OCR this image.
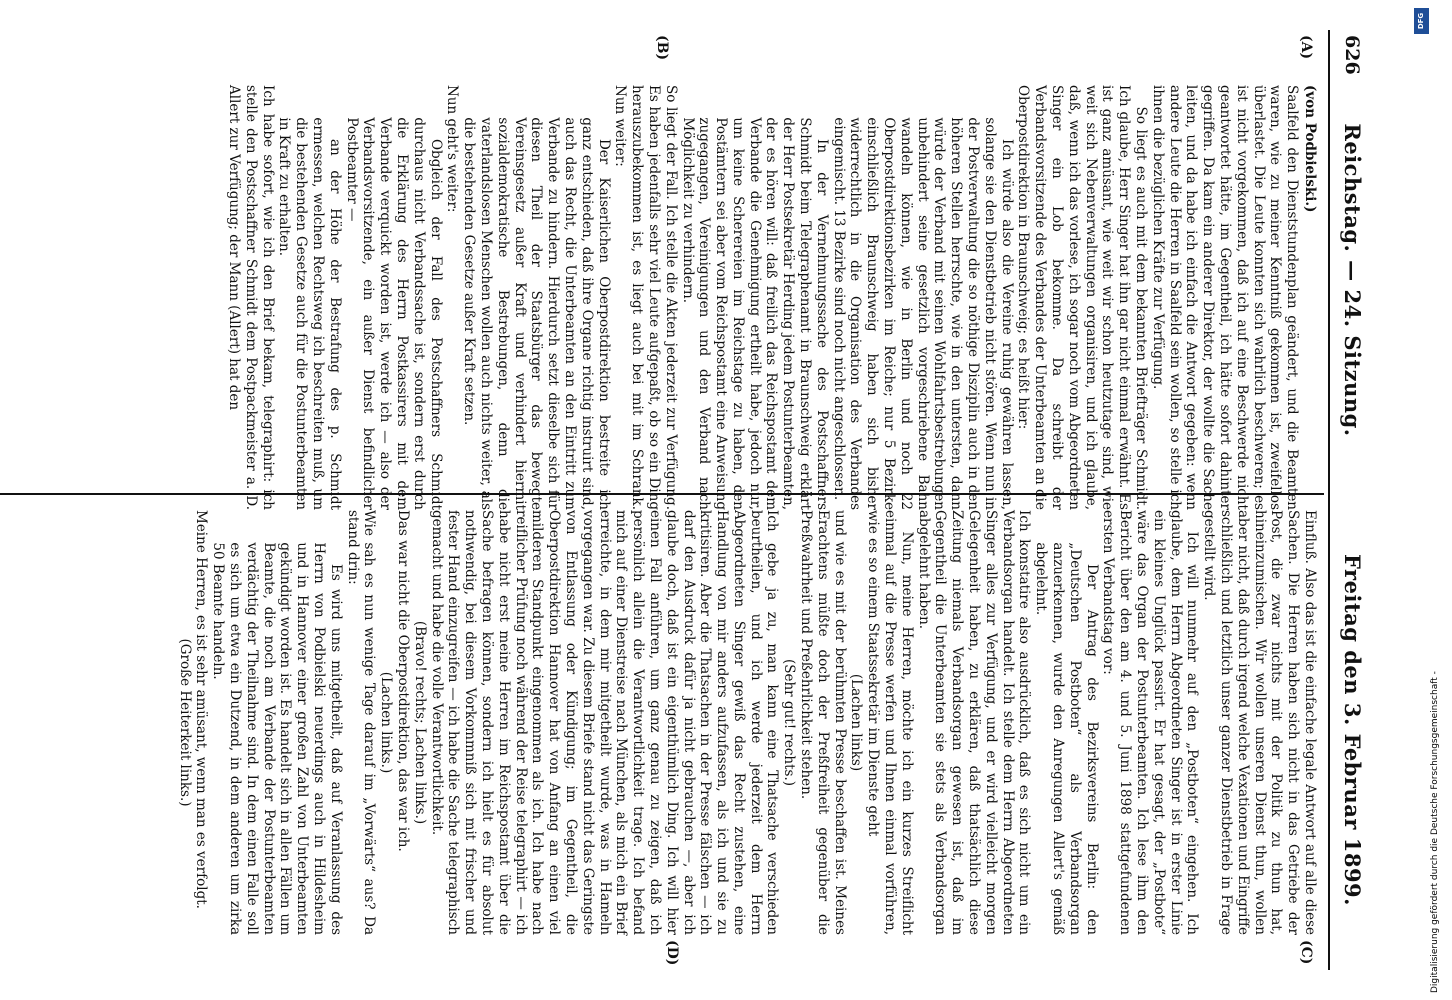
626
Reichstag. — 24. Sitzung.
Freitag den 3. Februar 1899.
(A)
(B)
(C)
(D)

(von Podbielski.)

Saalfeld den Dienststundenplan geändert, und die Beamten waren, wie zu meiner Kenntniß gekommen ist, zweifellos überlastet. Die Leute konnten sich wahrlich beschweren; es ist nicht vorgekommen, daß ich auf eine Beschwerde nicht geantwortet hätte, im Gegentheil, ich hätte sofort dahinter gegriffen. Da kam ein anderer Direktor, der wollte die Sache leiten, und da habe ich einfach die Antwort gegeben: wenn andere Leute die Herren in Saalfeld sein wollen, so stelle ich ihnen die bezüglichen Kräfte zur Verfügung.

So liegt es auch mit dem bekannten Briefträger Schmidt. Ich glaube, Herr Singer hat ihn gar nicht einmal erwähnt. Es ist ganz amüsant, wie weit wir schon heutzutage sind, wie weit sich Nebenverwaltungen organisiren, und ich glaube, daß, wenn ich das vorlese, ich sogar noch vom Abgeordneten Singer ein Lob bekomme. Da schreibt der Verbandsvorsitzende des Verbandes der Unterbeamten an die Oberpostdirektion in Braunschweig; es heißt hier:

Ich würde also die Vereine ruhig gewähren lassen, solange sie den Dienstbetrieb nicht stören. Wenn nun in der Postverwaltung die so nöthige Disziplin auch in den höheren Stellen herrschte, wie in den untersten, dann würde der Verband mit seinen Wohlfahrtsbestrebungen unbehindert seine gesetzlich vorgeschriebene Bahn wandeln können, wie in Berlin und noch 22 Oberpostdirektionsbezirken im Reiche; nur 5 Bezirke einschließlich Braunschweig haben sich bisher widerrechtlich in die Organisation des Verbandes eingemischt. 13 Bezirke sind noch nicht angeschlossen.

In der Vernehmungssache des Postschaffners Schmidt beim Telegraphenamt in Braunschweig erklärt der Herr Postsekretär Herding jedem Postunterbeamten, der es hören will: daß freilich das Reichspostamt dem Verbande die Genehmigung ertheilt habe, jedoch nur, um keine Scherereien im Reichstage zu haben, den Postämtern sei aber vom Reichspostamt eine Anweisung zugegangen, Vereinigungen und den Verband nach Möglichkeit zu verhindern.

So liegt der Fall. Ich stelle die Akten jederzeit zur Verfügung. Es haben jedenfalls sehr viel Leute aufgepaßt, ob so ein Ding herauszubekommen ist, es liegt auch bei mit im Schrank. Nun weiter:

Der Kaiserlichen Oberpostdirektion bestreite ich ganz entschieden, daß ihre Organe richtig instruirt sind, auch das Recht, die Unterbeamten an den Eintritt zum Verbande zu hindern. Hierdurch setzt dieselbe sich für diesen Theil der Staatsbürger das bewegte Vereinsgesetz außer Kraft und verhindert hiermit sozialdemokratische Bestrebungen, denn die vaterlandslosen Menschen wollen auch nichts weiter, als die bestehenden Gesetze außer Kraft setzen.

Nun geht's weiter:

Obgleich der Fall des Postschaffners Schmidt durchaus nicht Verbandssache ist, sondern erst durch die Erklärung des Herrn Postkassirers mit dem Verbande verquickt worden ist, werde ich — also der Verbandsvorsitzende, ein außer Dienst befindlicher Postbeamter —

an der Höhe der Bestrafung des p. Schmidt ermessen, welchen Rechtsweg ich beschreiten muß, um die bestehenden Gesetze auch für die Postunterbeamten in Kraft zu erhalten.

Ich habe sofort, wie ich den Brief bekam, telegraphirt: ich stelle den Postschaffner Schmidt dem Postpackmeister a. D. Allert zur Verfügung; der Mann (Allert) hat den

Einfluß. Also das ist die einfache legale Antwort auf alle diese Sachen. Die Herren haben sich nicht in das Getriebe der Post, die zwar nichts mit der Politik zu thun hat, hineinzumischen. Wir wollen unseren Dienst thun, wollen aber nicht, daß durch irgend welche Vexationen und Eingriffe schließlich und letztlich unser ganzer Dienstbetrieb in Frage gestellt wird.

Ich will nunmehr auf den „Postboten“ eingehen. Ich glaube, dem Herrn Abgeordneten Singer ist in erster Linie ein kleines Unglück passirt. Er hat gesagt, der „Postbote“ wäre das Organ der Postunterbeamten. Ich lese ihm den Bericht über den am 4. und 5. Juni 1898 stattgefundenen ersten Verbandstag vor:

Der Antrag des Bezirksvereins Berlin: den „Deutschen Postboten“ als Verbandsorgan anzuerkennen, wurde den Anregungen Allert's gemäß abgelehnt.

Ich konstatire also ausdrücklich, daß es sich nicht um ein Verbandsorgan handelt. Ich stelle dem Herrn Abgeordneten Singer alles zur Verfügung, und er wird vielleicht morgen Gelegenheit haben, zu erklären, daß thatsächlich diese Zeitung niemals Verbandsorgan gewesen ist, daß im Gegentheil die Unterbeamten sie stets als Verbandsorgan abgelehnt haben.

Nun, meine Herren, möchte ich ein kurzes Streiflicht einmal auf die Presse werfen und Ihnen einmal vorführen, wie es so einem Staatssekretär im Dienste geht

(Lachen links)

und wie es mit der berühmten Presse beschaffen ist. Meines Erachtens müßte doch der Preßfreiheit gegenüber die Preßwahrheit und Preßehrlichkeit stehen.

(Sehr gut! rechts.)

Ich gebe ja zu, man kann eine Thatsache verschieden beurtheilen, und ich werde jederzeit dem Herrn Abgeordneten Singer gewiß das Recht zustehen, eine Handlung von mir anders aufzufassen, als ich und sie zu kritisiren. Aber die Thatsachen in der Presse fälschen — ich darf den Ausdruck dafür ja nicht gebrauchen —, aber ich glaube doch, daß ist ein eigenthümlich Ding. Ich will hier einen Fall anführen, um ganz genau zu zeigen, daß ich persönlich allein die Verantwortlichkeit trage. Ich befand mich auf einer Dienstreise nach München, als mich ein Brief erreichte, in dem mir mitgetheilt wurde, was in Hameln vorgegangen war. Zu diesem Briefe stand nicht das Geringste von Entlassung oder Kündigung; im Gegentheil, die Oberpostdirektion Hannover hat von Anfang an einen viel milderen Standpunkt eingenommen als ich. Ich habe nach reiflicher Prüfung noch während der Reise telegraphirt — ich habe nicht erst meine Herren im Reichspostamt über die Sache befragen können, sondern ich hielt es für absolut nothwendig, bei diesem Vorkommniß sich mit frischer und fester Hand einzugreifen — ich habe die Sache telegraphisch gemacht und habe die volle Verantwortlichkeit.

(Bravo! rechts; Lachen links.)

Das war nicht die Oberpostdirektion, das war ich.

(Lachen links.)

Wie sah es nun wenige Tage darauf im „Vorwärts“ aus? Da stand drin:

Es wird uns mitgetheilt, daß auf Veranlassung des Herrn von Podbielski neuerdings auch in Hildesheim und in Hannover einer großen Zahl von Unterbeamten gekündigt worden ist. Es handelt sich in allen Fällen um Beamte, die noch am Verbande der Postunterbeamten verdächtig der Theilnahme sind. In dem einen Falle soll es sich um etwa ein Dutzend, in dem anderen um zirka 50 Beamte handeln.

Meine Herren, es ist sehr amüsant, wenn man es verfolgt.

(Große Heiterkeit links.)

DFG
Digitalisierung gefördert durch die Deutsche Forschungsgemeinschaft -
